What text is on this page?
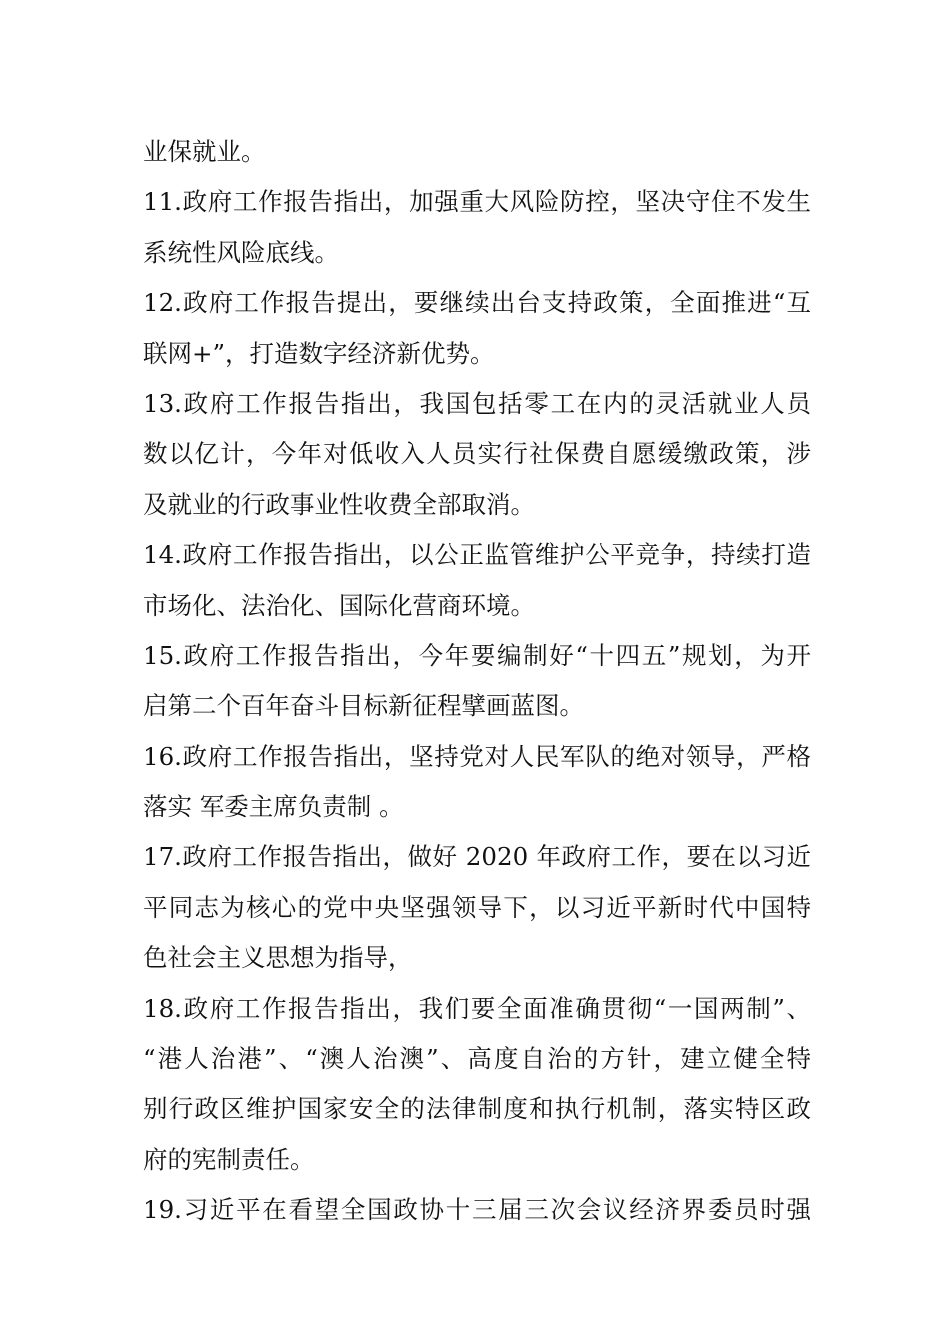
业保就业。
11.政府工作报告指出，加强重大风险防控，坚决守住不发生
系统性风险底线。
12.政府工作报告提出，要继续出台支持政策，全面推进“互
联网+”，打造数字经济新优势。
13.政府工作报告指出，我国包括零工在内的灵活就业人员
数以亿计，今年对低收入人员实行社保费自愿缓缴政策，涉
及就业的行政事业性收费全部取消。
14.政府工作报告指出，以公正监管维护公平竞争，持续打造
市场化、法治化、国际化营商环境。
15.政府工作报告指出，今年要编制好“十四五”规划，为开
启第二个百年奋斗目标新征程擘画蓝图。
16.政府工作报告指出，坚持党对人民军队的绝对领导，严格
落实 军委主席负责制 。
17.政府工作报告指出，做好 2020 年政府工作，要在以习近
平同志为核心的党中央坚强领导下，以习近平新时代中国特
色社会主义思想为指导，
18.政府工作报告指出，我们要全面准确贯彻“一国两制”、
“港人治港”、“澳人治澳”、高度自治的方针，建立健全特
别行政区维护国家安全的法律制度和执行机制，落实特区政
府的宪制责任。
19.习近平在看望全国政协十三届三次会议经济界委员时强
